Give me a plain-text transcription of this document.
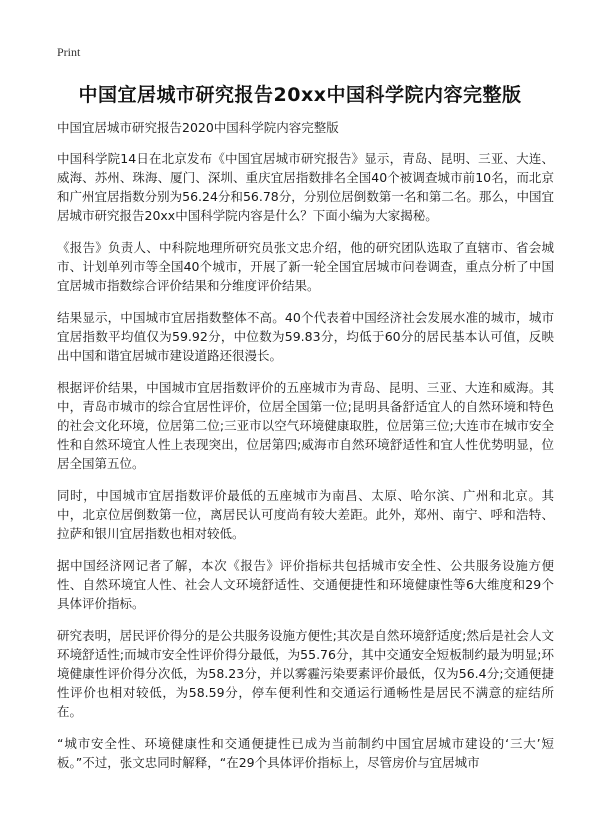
Print
中国宜居城市研究报告20xx中国科学院内容完整版

中国宜居城市研究报告2020中国科学院内容完整版

中国科学院14日在北京发布《中国宜居城市研究报告》显示，青岛、昆明、三亚、大连、威海、苏州、珠海、厦门、深圳、重庆宜居指数排名全国40个被调查城市前10名，而北京和广州宜居指数分别为56.24分和56.78分，分别位居倒数第一名和第二名。那么，中国宜居城市研究报告20xx中国科学院内容是什么？下面小编为大家揭秘。

《报告》负责人、中科院地理所研究员张文忠介绍，他的研究团队选取了直辖市、省会城市、计划单列市等全国40个城市，开展了新一轮全国宜居城市问卷调查，重点分析了中国宜居城市指数综合评价结果和分维度评价结果。

结果显示，中国城市宜居指数整体不高。40个代表着中国经济社会发展水准的城市，城市宜居指数平均值仅为59.92分，中位数为59.83分，均低于60分的居民基本认可值，反映出中国和谐宜居城市建设道路还很漫长。

根据评价结果，中国城市宜居指数评价的五座城市为青岛、昆明、三亚、大连和威海。其中，青岛市城市的综合宜居性评价，位居全国第一位;昆明具备舒适宜人的自然环境和特色的社会文化环境，位居第二位;三亚市以空气环境健康取胜，位居第三位;大连市在城市安全性和自然环境宜人性上表现突出，位居第四;威海市自然环境舒适性和宜人性优势明显，位居全国第五位。

同时，中国城市宜居指数评价最低的五座城市为南昌、太原、哈尔滨、广州和北京。其中，北京位居倒数第一位，离居民认可度尚有较大差距。此外，郑州、南宁、呼和浩特、拉萨和银川宜居指数也相对较低。

据中国经济网记者了解，本次《报告》评价指标共包括城市安全性、公共服务设施方便性、自然环境宜人性、社会人文环境舒适性、交通便捷性和环境健康性等6大维度和29个具体评价指标。

研究表明，居民评价得分的是公共服务设施方便性;其次是自然环境舒适度;然后是社会人文环境舒适性;而城市安全性评价得分最低，为55.76分，其中交通安全短板制约最为明显;环境健康性评价得分次低，为58.23分，并以雾霾污染要素评价最低，仅为56.4分;交通便捷性评价也相对较低，为58.59分，停车便利性和交通运行通畅性是居民不满意的症结所在。

“城市安全性、环境健康性和交通便捷性已成为当前制约中国宜居城市建设的‘三大’短板。”不过，张文忠同时解释，“在29个具体评价指标上，尽管房价与宜居城市
